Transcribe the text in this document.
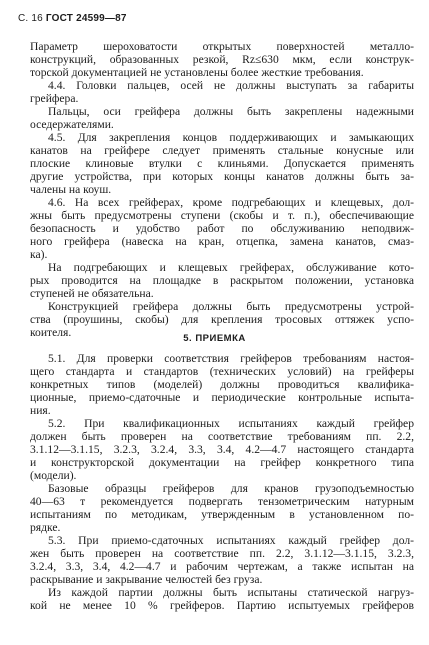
С. 16 ГОСТ 24599—87
Параметр шероховатости открытых поверхностей металло-
конструкций, образованных резкой, Rz≤630 мкм, если конструк-
торской документацией не установлены более жесткие требования.
4.4. Головки пальцев, осей не должны выступать за габариты
грейфера.
Пальцы, оси грейфера должны быть закреплены надежными
оседержателями.
4.5. Для закрепления концов поддерживающих и замыкающих
канатов на грейфере следует применять стальные конусные или
плоские клиновые втулки с клиньями. Допускается применять
другие устройства, при которых концы канатов должны быть за-
чалены на коуш.
4.6. На всех грейферах, кроме подгребающих и клещевых, дол-
жны быть предусмотрены ступени (скобы и т. п.), обеспечивающие
безопасность и удобство работ по обслуживанию неподвиж-
ного грейфера (навеска на кран, отцепка, замена канатов, смаз-
ка).
На подгребающих и клещевых грейферах, обслуживание кото-
рых проводится на площадке в раскрытом положении, установка
ступеней не обязательна.
Конструкцией грейфера должны быть предусмотрены устрой-
ства (проушины, скобы) для крепления тросовых оттяжек успо-
коителя.	5. ПРИЕМКА
5.1. Для проверки соответствия грейферов требованиям настоя-
щего стандарта и стандартов (технических условий) на грейферы
конкретных типов (моделей) должны проводиться квалифика-
ционные, приемо-сдаточные и периодические контрольные испыта-
ния.
5.2. При квалификационных испытаниях каждый грейфер
должен быть проверен на соответствие требованиям пп. 2.2,
3.1.12—3.1.15, 3.2.3, 3.2.4, 3.3, 3.4, 4.2—4.7 настоящего стандарта
и конструкторской документации на грейфер конкретного типа
(модели).
Базовые образцы грейферов для кранов грузоподъемностью
40—63 т рекомендуется подвергать тензометрическим натурным
испытаниям по методикам, утвержденным в установленном по-
рядке.
5.3. При приемо-сдаточных испытаниях каждый грейфер дол-
жен быть проверен на соответствие пп. 2.2, 3.1.12—3.1.15, 3.2.3,
3.2.4, 3.3, 3.4, 4.2—4.7 и рабочим чертежам, а также испытан на
раскрывание и закрывание челюстей без груза.
Из каждой партии должны быть испытаны статической нагруз-
кой не менее 10 % грейферов. Партию испытуемых грейферов
